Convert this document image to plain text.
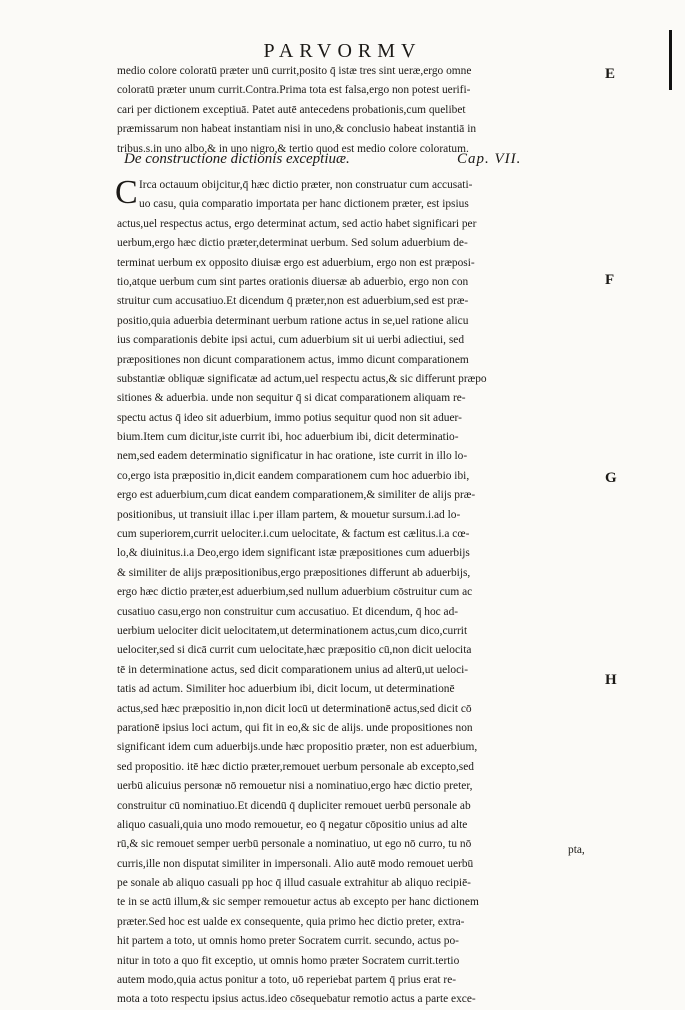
PARVORMV
medio colore coloratū prӕter unū currit,posito q̄ istӕ tres sint uerӕ,ergo omne
coloratū prӕter unum currit.Contra.Prima tota est falsa,ergo non potest uerifi-
cari per dictionem exceptiuā. Patet autē antecedens probationis,cum quelibet
prӕmissarum non habeat instantiam nisi in uno,& conclusio habeat instantiā in
tribus.s.in uno albo,& in uno nigro,& tertio quod est medio colore coloratum.
De constructione dictionis exceptiuӕ.	Cap. VII.
C Irca octauum obijcitur,q̄ hӕc dictio prӕter, non construatur cum accusati-
uo casu, quia comparatio importata per hanc dictionem prӕter, est ipsius
actus,uel respectus actus, ergo determinat actum, sed actio habet significari per
uerbum,ergo hӕc dictio prӕter,determinat uerbum. Sed solum aduerbium de-
terminat uerbum ex opposito diuisӕ ergo est aduerbium, ergo non est prӕposi-
tio,atque uerbum cum sint partes orationis diuersӕ ab aduerbio, ergo non con
struitur cum accusatiuo.Et dicendum q̄ prӕter,non est aduerbium,sed est prӕ-
positio,quia aduerbia determinant uerbum ratione actus in se,uel ratione alicu
ius comparationis debite ipsi actui, cum aduerbium sit ui uerbi adiectiui, sed
prӕpositiones non dicunt comparationem actus, immo dicunt comparationem
substantiӕ obliquӕ significatӕ ad actum,uel respectu actus,& sic differunt prӕpo
sitiones & aduerbia. unde non sequitur q̄ si dicat comparationem aliquam re-
spectu actus q̄ ideo sit aduerbium, immo potius sequitur quod non sit aduer-
bium.Item cum dicitur,iste currit ibi, hoc aduerbium ibi, dicit determinatio-
nem,sed eadem determinatio significatur in hac oratione, iste currit in illo lo-
co,ergo ista prӕpositio in,dicit eandem comparationem cum hoc aduerbio ibi,
ergo est aduerbium,cum dicat eandem comparationem,& similiter de alijs prӕ-
positionibus, ut transiuit illac i.per illam partem, & mouetur sursum.i.ad lo-
cum superiorem,currit uelociter.i.cum uelocitate, & factum est cӕlitus.i.a cœ-
lo,& diuinitus.i.a Deo,ergo idem significant istӕ prӕpositiones cum aduerbijs
& similiter de alijs prӕpositionibus,ergo prӕpositiones differunt ab aduerbijs,
ergo hӕc dictio prӕter,est aduerbium,sed nullum aduerbium cōstruitur cum ac
cusatiuo casu,ergo non construitur cum accusatiuo. Et dicendum, q̄ hoc ad-
uerbium uelociter dicit uelocitatem,ut determinationem actus,cum dico,currit
uelociter,sed si dicā currit cum uelocitate,hӕc prӕpositio cū,non dicit uelocita
tē in determinatione actus, sed dicit comparationem unius ad alterū,ut ueloci-
tatis ad actum. Similiter hoc aduerbium ibi, dicit locum, ut determinationē
actus,sed hӕc prӕpositio in,non dicit locū ut determinationē actus,sed dicit cō
parationē ipsius loci actum, qui fit in eo,& sic de alijs. unde propositiones non
significant idem cum aduerbijs.unde hӕc propositio prӕter, non est aduerbium,
sed propositio. itē hӕc dictio prӕter,remouet uerbum personale ab excepto,sed
uerbū alicuius personӕ nō remouetur nisi a nominatiuo,ergo hӕc dictio preter,
construitur cū nominatiuo.Et dicendū q̄ dupliciter remouet uerbū personale ab
aliquo casuali,quia uno modo remouetur, eo q̄ negatur cōpositio unius ad alte
rū,& sic remouet semper uerbū personale a nominatiuo, ut ego nō curro, tu nō
curris,ille non disputat similiter in impersonali. Alio autē modo remouet uerbū
pe sonale ab aliquo casuali pp hoc q̄ illud casuale extrahitur ab aliquo recipiē-
te in se actū illum,& sic semper remouetur actus ab excepto per hanc dictionem
prӕter.Sed hoc est ualde ex consequente, quia primo hec dictio preter, extra-
hit partem a toto, ut omnis homo preter Socratem currit. secundo, actus po-
nitur in toto a quo fit exceptio, ut omnis homo prӕter Socratem currit.tertio
autem modo,quia actus ponitur a toto, uō reperiebat partem q̄ prius erat re-
mota a toto respectu ipsius actus.ideo cōsequebatur remotio actus a parte exce-
E
F
G
H
pta,
